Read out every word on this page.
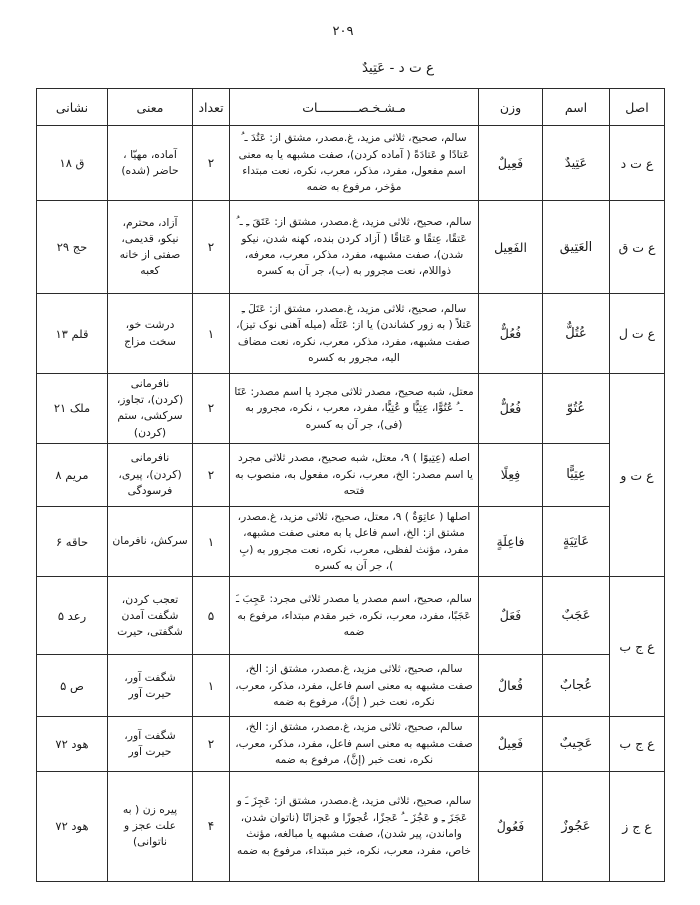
۲۰۹
ع ت د - عَتِيدٌ
اصل	اسم	وزن	مـشـخـصـــــــــــات	تعداد	معنى	نشانى
ع ت د	عَتِيدٌ	فَعِيلٌ	سالم، صحيح، ثلاثى مزيد، غ.مصدر، مشتق از: عَتُدَ ـ ُ عَتادًا و عَتادَةً ( آماده كردن)، صفت مشبهه يا به معنى اسم مفعول، مفرد، مذكر، معرب، نكره، نعت مبتداء مؤخر، مرفوع به ضمه	۲	آماده، مهيّا ، حاضر (شده)	ق ۱۸
ع ت ق	العَتِيق	الفَعِيل	سالم، صحيح، ثلاثى مزيد، غ.مصدر، مشتق از: عَتَقَ ـِ ـ ُ عَتقًا، عِتقًا و عَتاقًا ( آزاد كردن بنده، كهنه شدن، نيكو شدن)، صفت مشبهه، مفرد، مذكر، معرب، معرفه، ذواللام، نعت مجرور به (ب)، جر آن به كسره	۲	آزاد، محترم، نيكو، قديمى، صفتى از خانه كعبه	حج ۲۹
ع ت ل	عُتُلٌّ	فُعُلٌّ	سالم، صحيح، ثلاثى مزيد، غ.مصدر، مشتق از: عَتَلَ ـِ عَتلاً ( به زور كشاندن) يا از: عَتَلَه (ميله آهنى نوک تيز)، صفت مشبهه، مفرد، مذكر، معرب، نكره، نعت مضاف اليه، مجرور به كسره	۱	درشت خو، سخت مزاج	قلم ۱۳
ع ت و	عُتُوّ	فُعُلٌّ	معتل، شبه صحيح، مصدر ثلاثى مجرد يا اسم مصدر: عَتَا ـ ُ عُتُوًّا، عِتِيًّا و عُتِيًّا، مفرد، معرب ، نكره، مجرور به (فى)، جر آن به كسره	۲	نافرمانى (كردن)، تجاوز، سركشى، ستم (كردن)	ملک ۲۱
	عِتِيًّا	فِعِلًا	اصله (عِتِيوًا ) ۹، معتل، شبه صحيح، مصدر ثلاثى مجرد يا اسم مصدر: الخ، معرب، نكره، مفعول به، منصوب به فتحه	۲	نافرمانى (كردن)، پيرى، فرسودگى	مريم ۸
	عَاتِيَةٍ	فاعِلَةٍ	اصلها ( عاتِوَةٌ ) ۹، معتل، صحيح، ثلاثى مزيد، غ.مصدر، مشتق از: الخ، اسم فاعل يا به معنى صفت مشبهه، مفرد، مؤنث لفظى، معرب، نكره، نعت مجرور به (بِ )، جر آن به كسره	۱	سركش، نافرمان	حاقه ۶
ع ج ب	عَجَبٌ	فَعَلٌ	سالم، صحيح، اسم مصدر يا مصدر ثلاثى مجرد: عَجِبَ ـَ عَجَبًا، مفرد، معرب، نكره، خبر مقدم مبتداء، مرفوع به ضمه	۵	تعجب كردن، شگفت آمدن شگفتى، حيرت	رعد ۵
	عُجابٌ	فُعالٌ	سالم، صحيح، ثلاثى مزيد، غ.مصدر، مشتق از: الخ، صفت مشبهه به معنى اسم فاعل، مفرد، مذكر، معرب، نكره، نعت خبر ( إنَّ)، مرفوع به ضمه	۱	شگفت آور، حيرت آور	ص ۵
ع ج ب	عَجِيبٌ	فَعِيلٌ	سالم، صحيح، ثلاثى مزيد، غ.مصدر، مشتق از: الخ، صفت مشبهه به معنى اسم فاعل، مفرد، مذكر، معرب، نكره، نعت خبر (إنَّ)، مرفوع به ضمه	۲	شگفت آور، حيرت آور	هود ۷۲
ع ج ز	عَجُوزٌ	فَعُولٌ	سالم، صحيح، ثلاثى مزيد، غ.مصدر، مشتق از: عَجِزَ ـَ و عَجَزَ ـِ و عَجُزَ ـ ُ عَجزًا، عُجوزًا و عَجزانًا (ناتوان شدن، واماندن، پير شدن)، صفت مشبهه يا مبالغه، مؤنث خاص، مفرد، معرب، نكره، خبر مبتداء، مرفوع به ضمه	۴	پيره زن ( به علت عجز و ناتوانى)	هود ۷۲
